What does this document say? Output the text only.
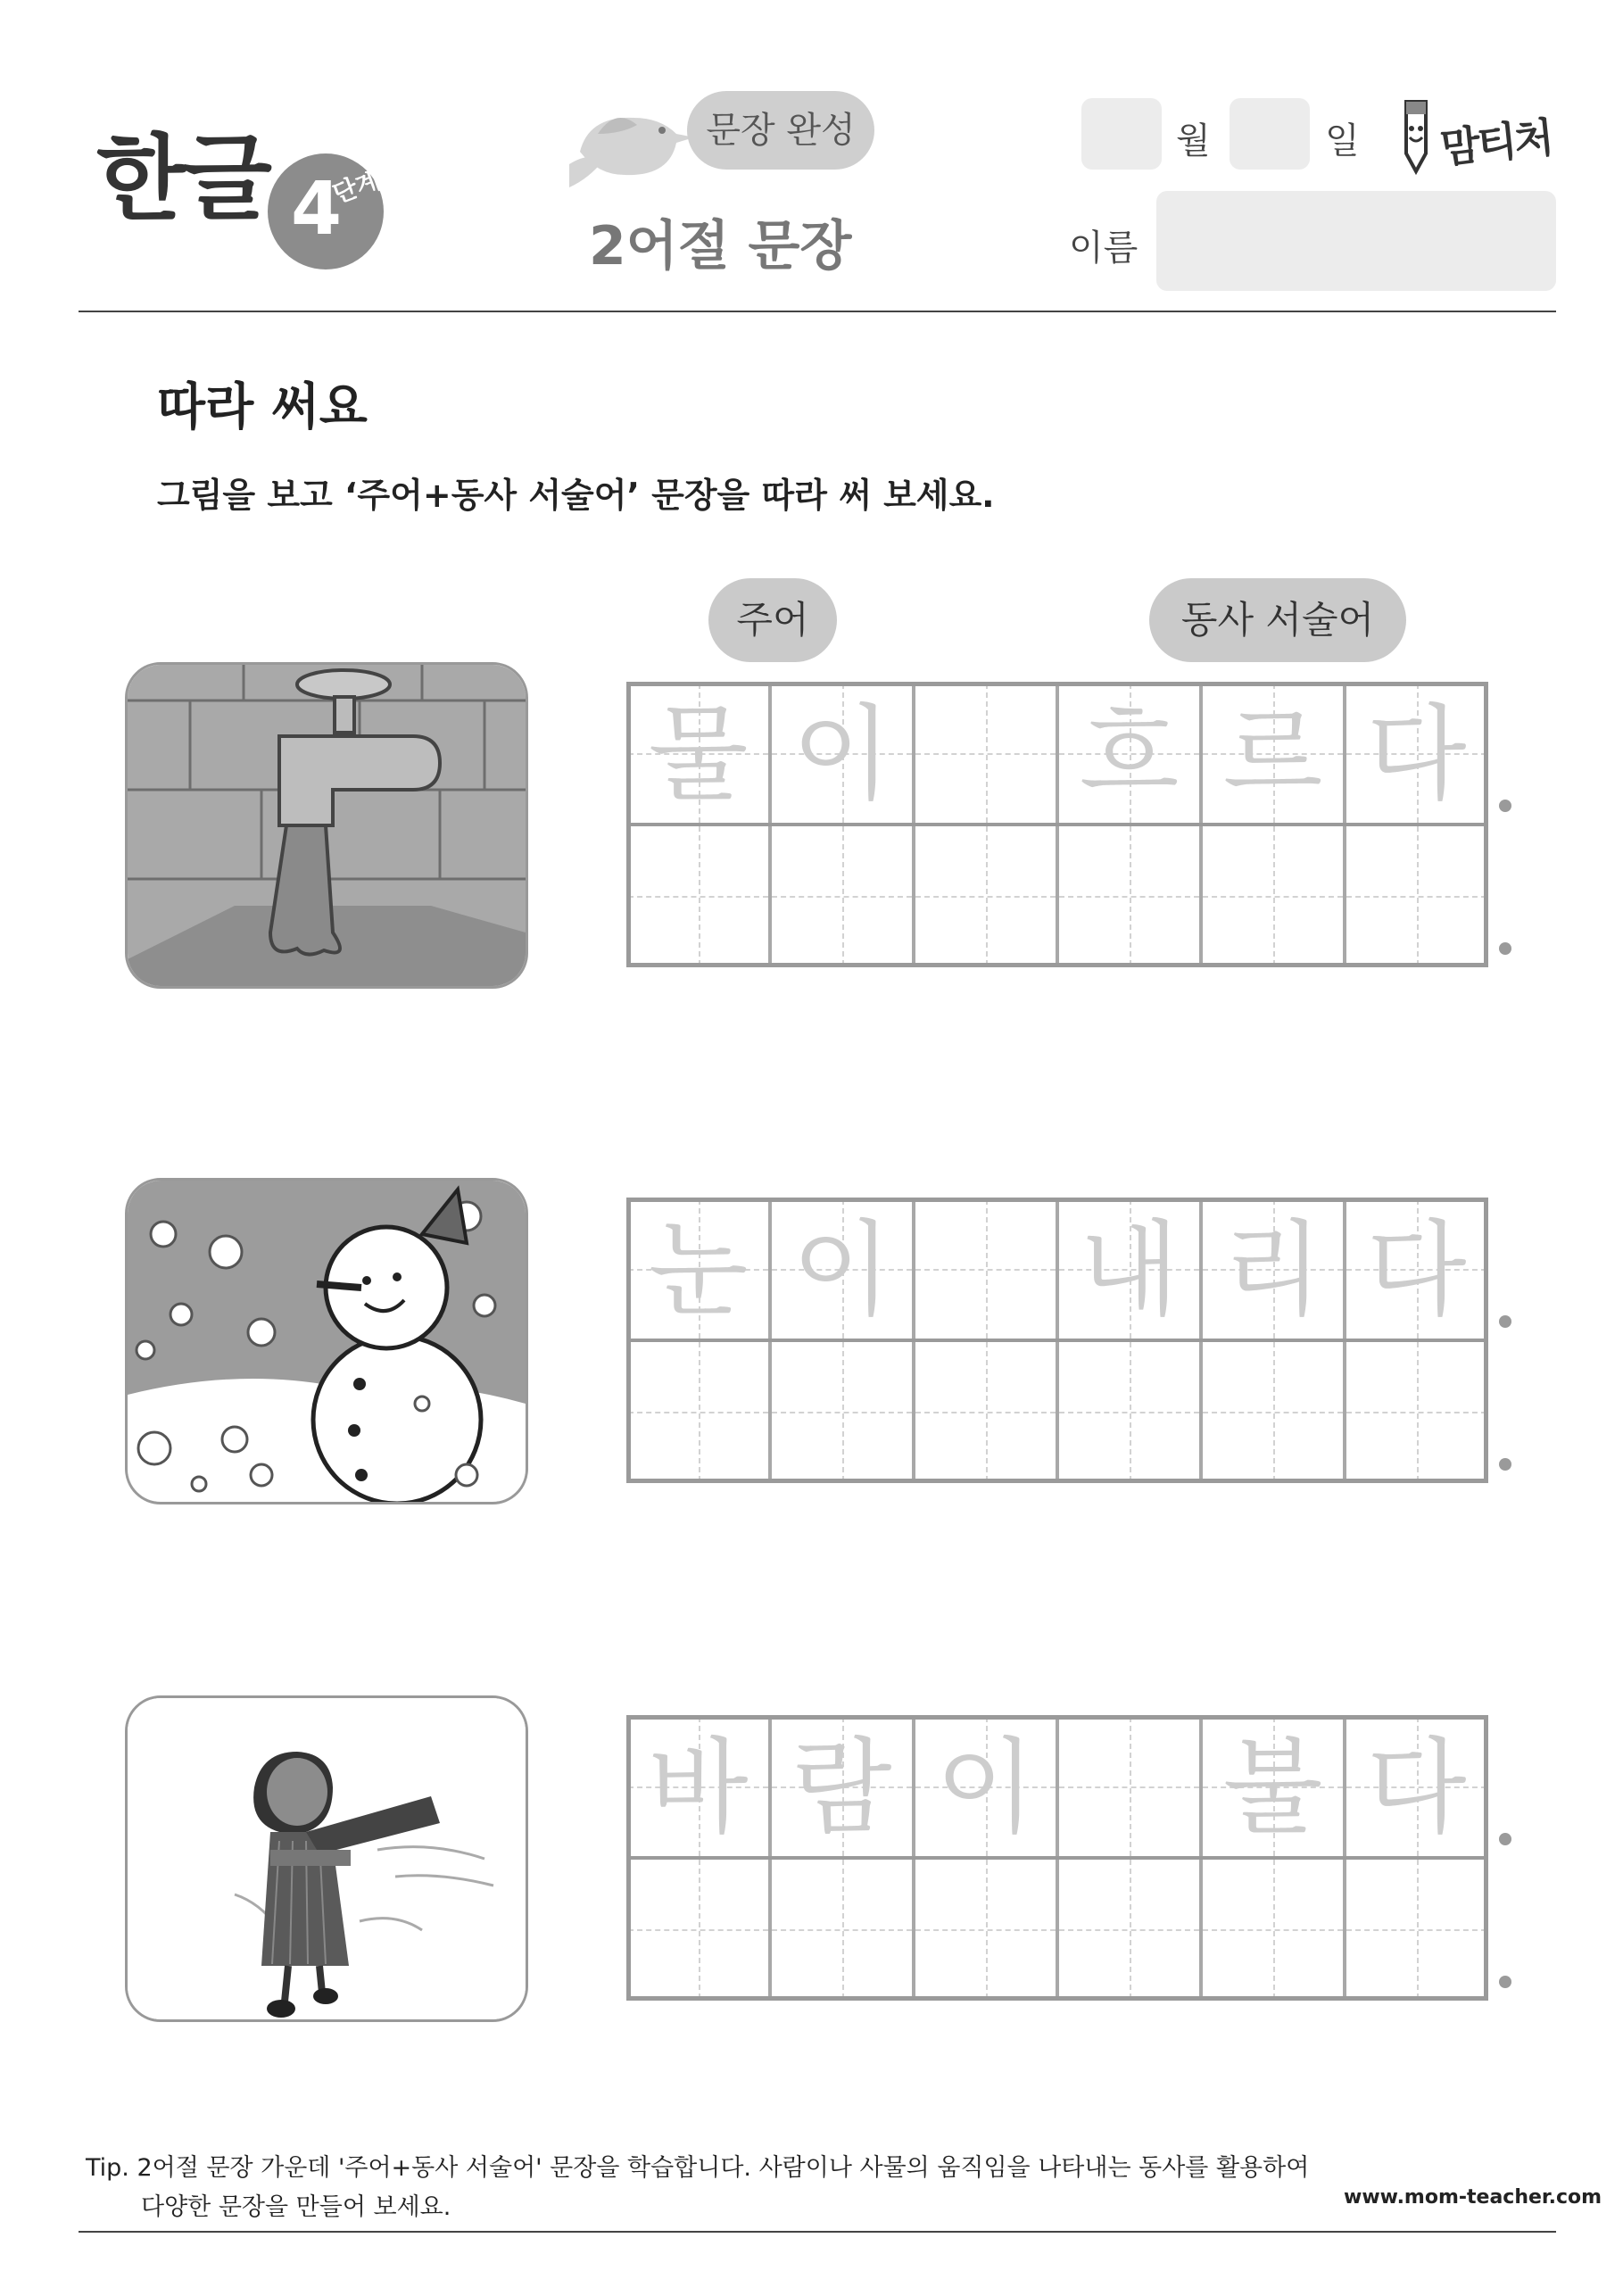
한글 4
단계
문장 완성
2어절 문장
월	일
이름
맘티처
따라 써요
그림을 보고 ‘주어+동사 서술어’ 문장을 따라 써 보세요.
주어	동사 서술어
물 이 흐 르 다
눈 이 내 리 다
바 람 이 불 다
Tip. 2어절 문장 가운데 '주어+동사 서술어' 문장을 학습합니다. 사람이나 사물의 움직임을 나타내는 동사를 활용하여
다양한 문장을 만들어 보세요.	www.mom-teacher.com
